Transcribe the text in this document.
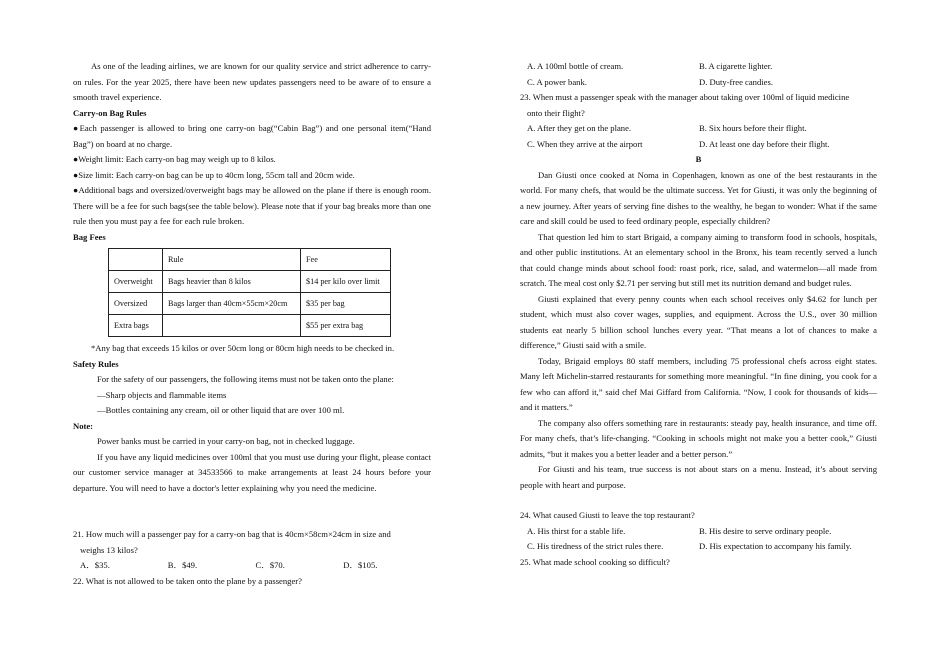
As one of the leading airlines, we are known for our quality service and strict adherence to carry-on rules. For the year 2025, there have been new updates passengers need to be aware of to ensure a smooth travel experience.

Carry-on Bag Rules

●Each passenger is allowed to bring one carry-on bag(“Cabin Bag”) and one personal item(“Hand Bag”) on board at no charge.

●Weight limit: Each carry-on bag may weigh up to 8 kilos.

●Size limit: Each carry-on bag can be up to 40cm long, 55cm tall and 20cm wide.

●Additional bags and oversized/overweight bags may be allowed on the plane if there is enough room. There will be a fee for such bags(see the table below). Please note that if your bag breaks more than one rule then you must pay a fee for each rule broken.

Bag Fees

	Rule	Fee
Overweight	Bags heavier than 8 kilos	$14 per kilo over limit
Oversized	Bags larger than 40cm×55cm×20cm	$35 per bag
Extra bags		$55 per extra bag

*Any bag that exceeds 15 kilos or over 50cm long or 80cm high needs to be checked in.

Safety Rules

For the safety of our passengers, the following items must not be taken onto the plane:

—Sharp objects and flammable items

—Bottles containing any cream, oil or other liquid that are over 100 ml.

Note:

Power banks must be carried in your carry-on bag, not in checked luggage.

If you have any liquid medicines over 100ml that you must use during your flight, please contact our customer service manager at 34533566 to make arrangements at least 24 hours before your departure. You will need to have a doctor's letter explaining why you need the medicine.

21. How much will a passenger pay for a carry-on bag that is 40cm×58cm×24cm in size and

weighs 13 kilos?

A．$35.	B．$49.	C．$70.	D．$105.

22. What is not allowed to be taken onto the plane by a passenger?

A. A 100ml bottle of cream.	B. A cigarette lighter.
C. A power bank.	D. Duty-free candies.

23. When must a passenger speak with the manager about taking over 100ml of liquid medicine

onto their flight?

A. After they get on the plane.	B. Six hours before their flight.
C. When they arrive at the airport	D. At least one day before their flight.

B

Dan Giusti once cooked at Noma in Copenhagen, known as one of the best restaurants in the world. For many chefs, that would be the ultimate success. Yet for Giusti, it was only the beginning of a new journey. After years of serving fine dishes to the wealthy, he began to wonder: What if the same care and skill could be used to feed ordinary people, especially children?

That question led him to start Brigaid, a company aiming to transform food in schools, hospitals, and other public institutions. At an elementary school in the Bronx, his team recently served a lunch that could change minds about school food: roast pork, rice, salad, and watermelon—all made from scratch. The meal cost only $2.71 per serving but still met its nutrition demand and budget rules.

Giusti explained that every penny counts when each school receives only $4.62 for lunch per student, which must also cover wages, supplies, and equipment. Across the U.S., over 30 million students eat nearly 5 billion school lunches every year. “That means a lot of chances to make a difference,” Giusti said with a smile.

Today, Brigaid employs 80 staff members, including 75 professional chefs across eight states. Many left Michelin-starred restaurants for something more meaningful. “In fine dining, you cook for a few who can afford it,” said chef Mai Giffard from California. “Now, I cook for thousands of kids—and it matters.”

The company also offers something rare in restaurants: steady pay, health insurance, and time off. For many chefs, that’s life-changing. “Cooking in schools might not make you a better cook,” Giusti admits, “but it makes you a better leader and a better person.”

For Giusti and his team, true success is not about stars on a menu. Instead, it’s about serving people with heart and purpose.

24. What caused Giusti to leave the top restaurant?

A. His thirst for a stable life.	B. His desire to serve ordinary people.
C. His tiredness of the strict rules there.	D. His expectation to accompany his family.

25. What made school cooking so difficult?
